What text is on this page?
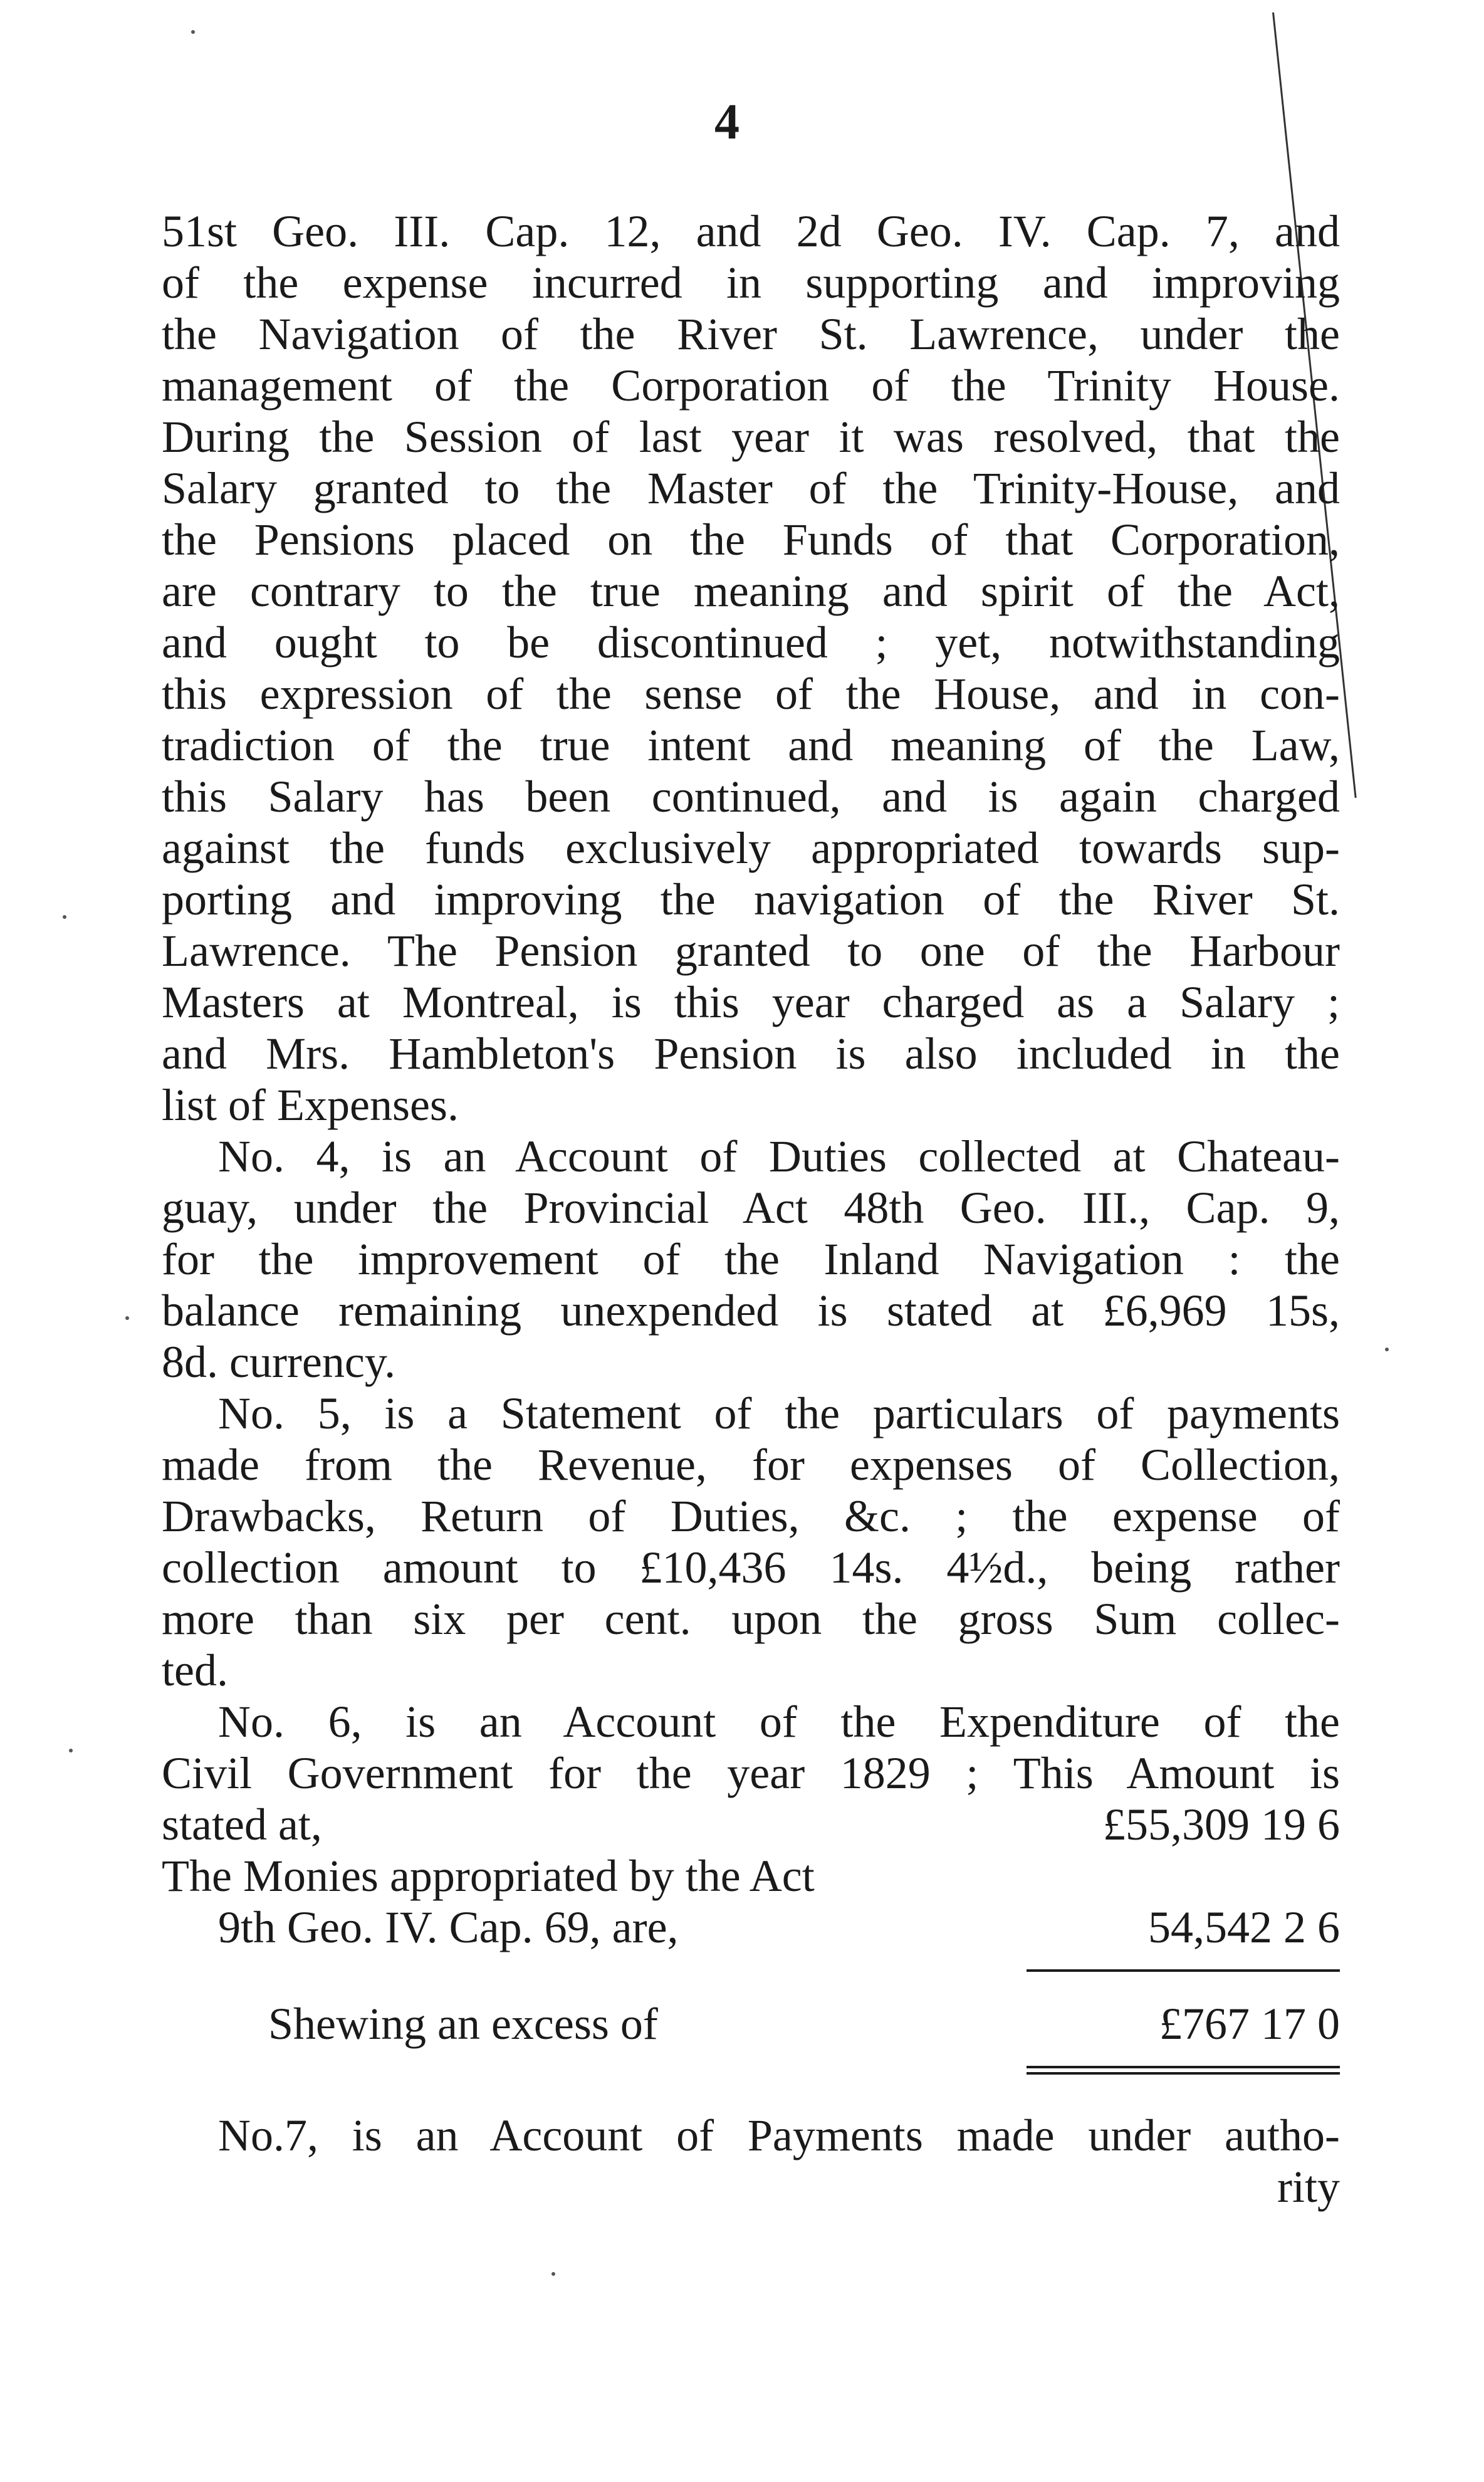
4
51st Geo. III. Cap. 12, and 2d Geo. IV. Cap. 7, and
of the expense incurred in supporting and improving
the Navigation of the River St. Lawrence, under the
management of the Corporation of the Trinity House.
During the Session of last year it was resolved, that the
Salary granted to the Master of the Trinity-House, and
the Pensions placed on the Funds of that Corporation,
are contrary to the true meaning and spirit of the Act,
and ought to be discontinued ; yet, notwithstanding
this expression of the sense of the House, and in con-
tradiction of the true intent and meaning of the Law,
this Salary has been continued, and is again charged
against the funds exclusively appropriated towards sup-
porting and improving the navigation of the River St.
Lawrence. The Pension granted to one of the Harbour
Masters at Montreal, is this year charged as a Salary ;
and Mrs. Hambleton's Pension is also included in the
list of Expenses.
No. 4, is an Account of Duties collected at Chateau-
guay, under the Provincial Act 48th Geo. III., Cap. 9,
for the improvement of the Inland Navigation : the
balance remaining unexpended is stated at £6,969 15s,
8d. currency.
No. 5, is a Statement of the particulars of payments
made from the Revenue, for expenses of Collection,
Drawbacks, Return of Duties, &c. ; the expense of
collection amount to £10,436 14s. 4½d., being rather
more than six per cent. upon the gross Sum collec-
ted.
No. 6, is an Account of the Expenditure of the
Civil Government for the year 1829 ; This Amount is
stated at,	£55,309 19 6
The Monies appropriated by the Act
9th Geo. IV. Cap. 69, are,	54,542 2 6
Shewing an excess of	£767 17 0
No.7, is an Account of Payments made under autho-
rity
